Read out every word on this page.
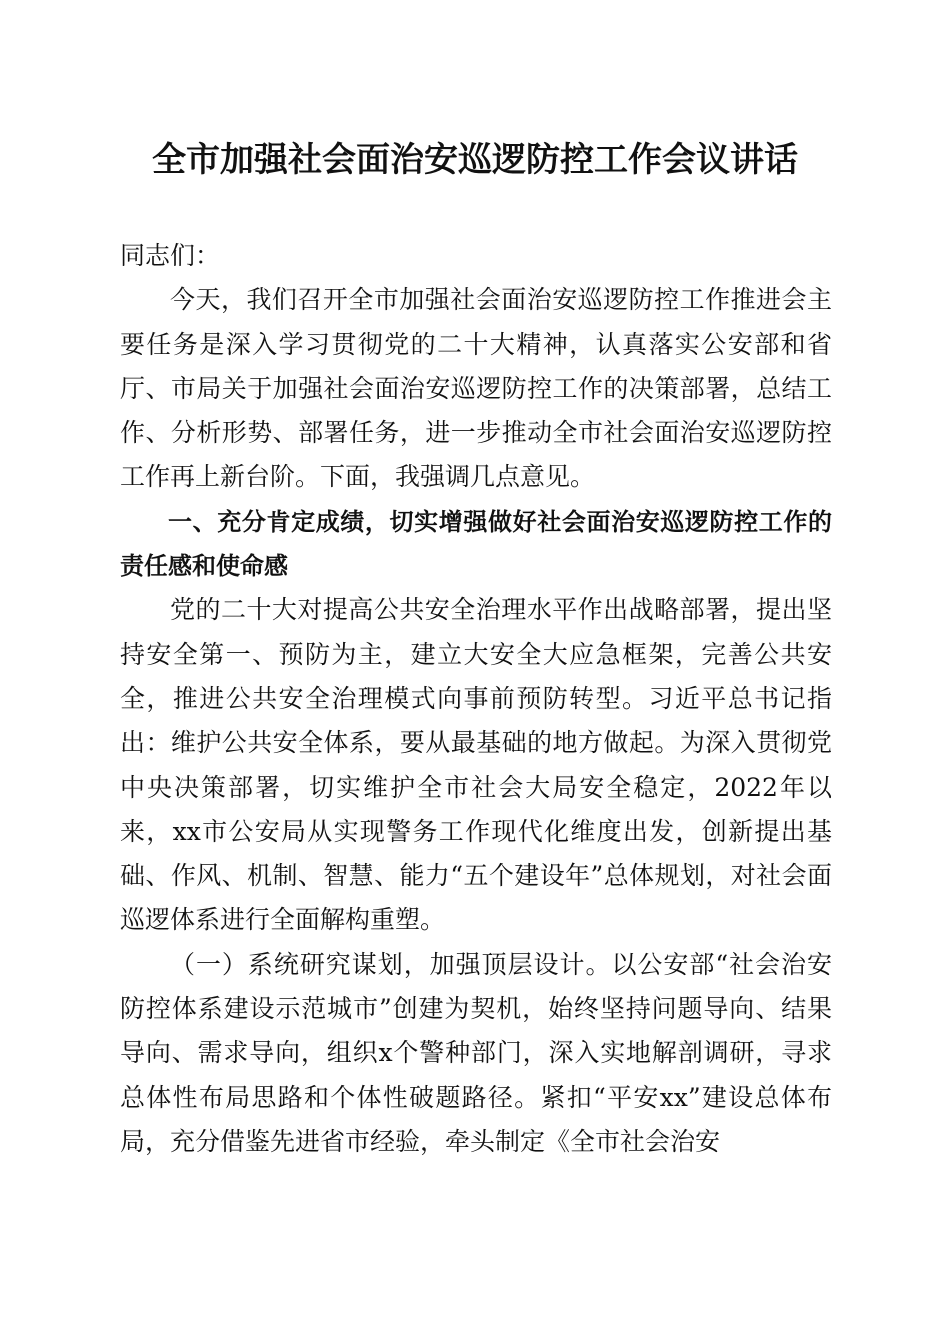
全市加强社会面治安巡逻防控工作会议讲话

同志们：

今天，我们召开全市加强社会面治安巡逻防控工作推进会主要任务是深入学习贯彻党的二十大精神，认真落实公安部和省厅、市局关于加强社会面治安巡逻防控工作的决策部署，总结工作、分析形势、部署任务，进一步推动全市社会面治安巡逻防控工作再上新台阶。下面，我强调几点意见。

一、充分肯定成绩，切实增强做好社会面治安巡逻防控工作的责任感和使命感

党的二十大对提高公共安全治理水平作出战略部署，提出坚持安全第一、预防为主，建立大安全大应急框架，完善公共安全，推进公共安全治理模式向事前预防转型。习近平总书记指出：维护公共安全体系，要从最基础的地方做起。为深入贯彻党中央决策部署，切实维护全市社会大局安全稳定，2022年以来，xx市公安局从实现警务工作现代化维度出发，创新提出基础、作风、机制、智慧、能力“五个建设年”总体规划，对社会面巡逻体系进行全面解构重塑。

（一）系统研究谋划，加强顶层设计。以公安部“社会治安防控体系建设示范城市”创建为契机，始终坚持问题导向、结果导向、需求导向，组织x个警种部门，深入实地解剖调研，寻求总体性布局思路和个体性破题路径。紧扣“平安xx”建设总体布局，充分借鉴先进省市经验，牵头制定《全市社会治安
